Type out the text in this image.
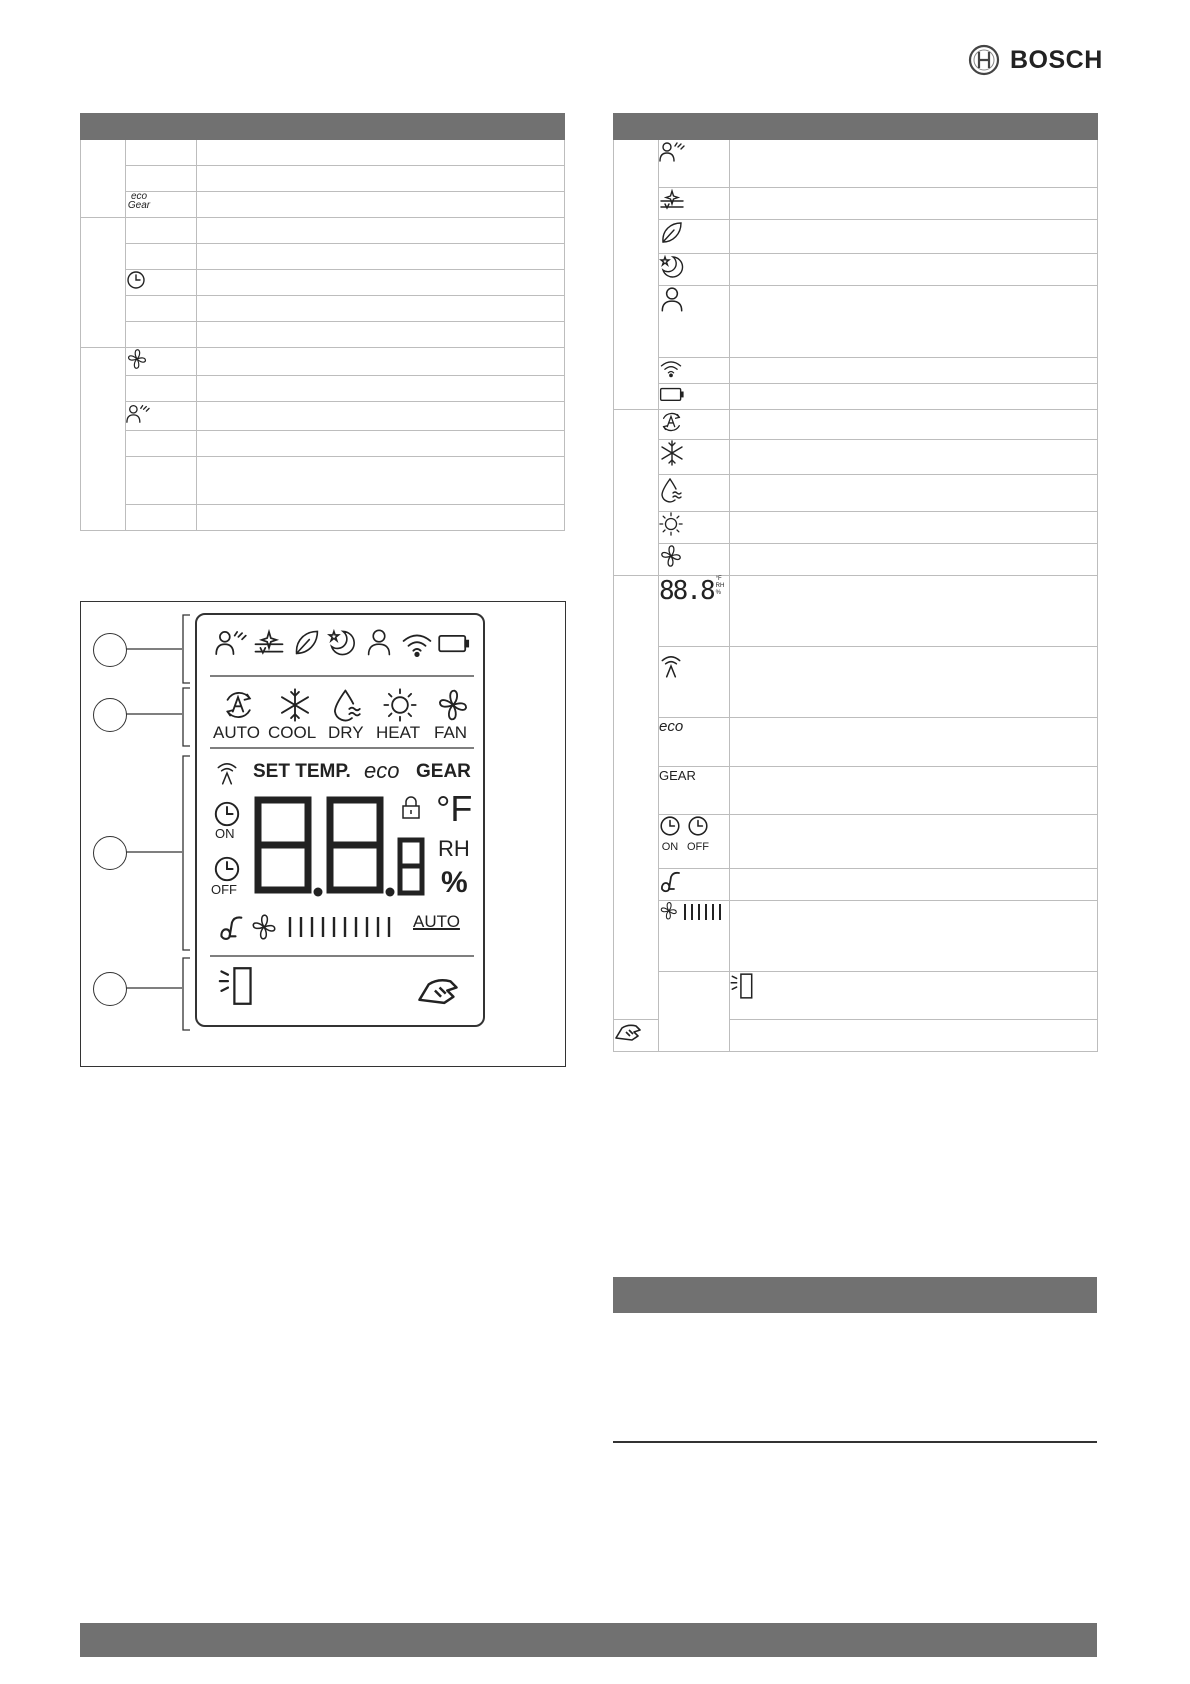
BOSCH

	eco
Gear	

AUTO COOL DRY HEAT FAN
SET TEMP. eco GEAR
ON
OFF
°F
RH
%
AUTO

	88.8 °F
RH
%		

	eco		
	GEAR		

	ON OFF		
